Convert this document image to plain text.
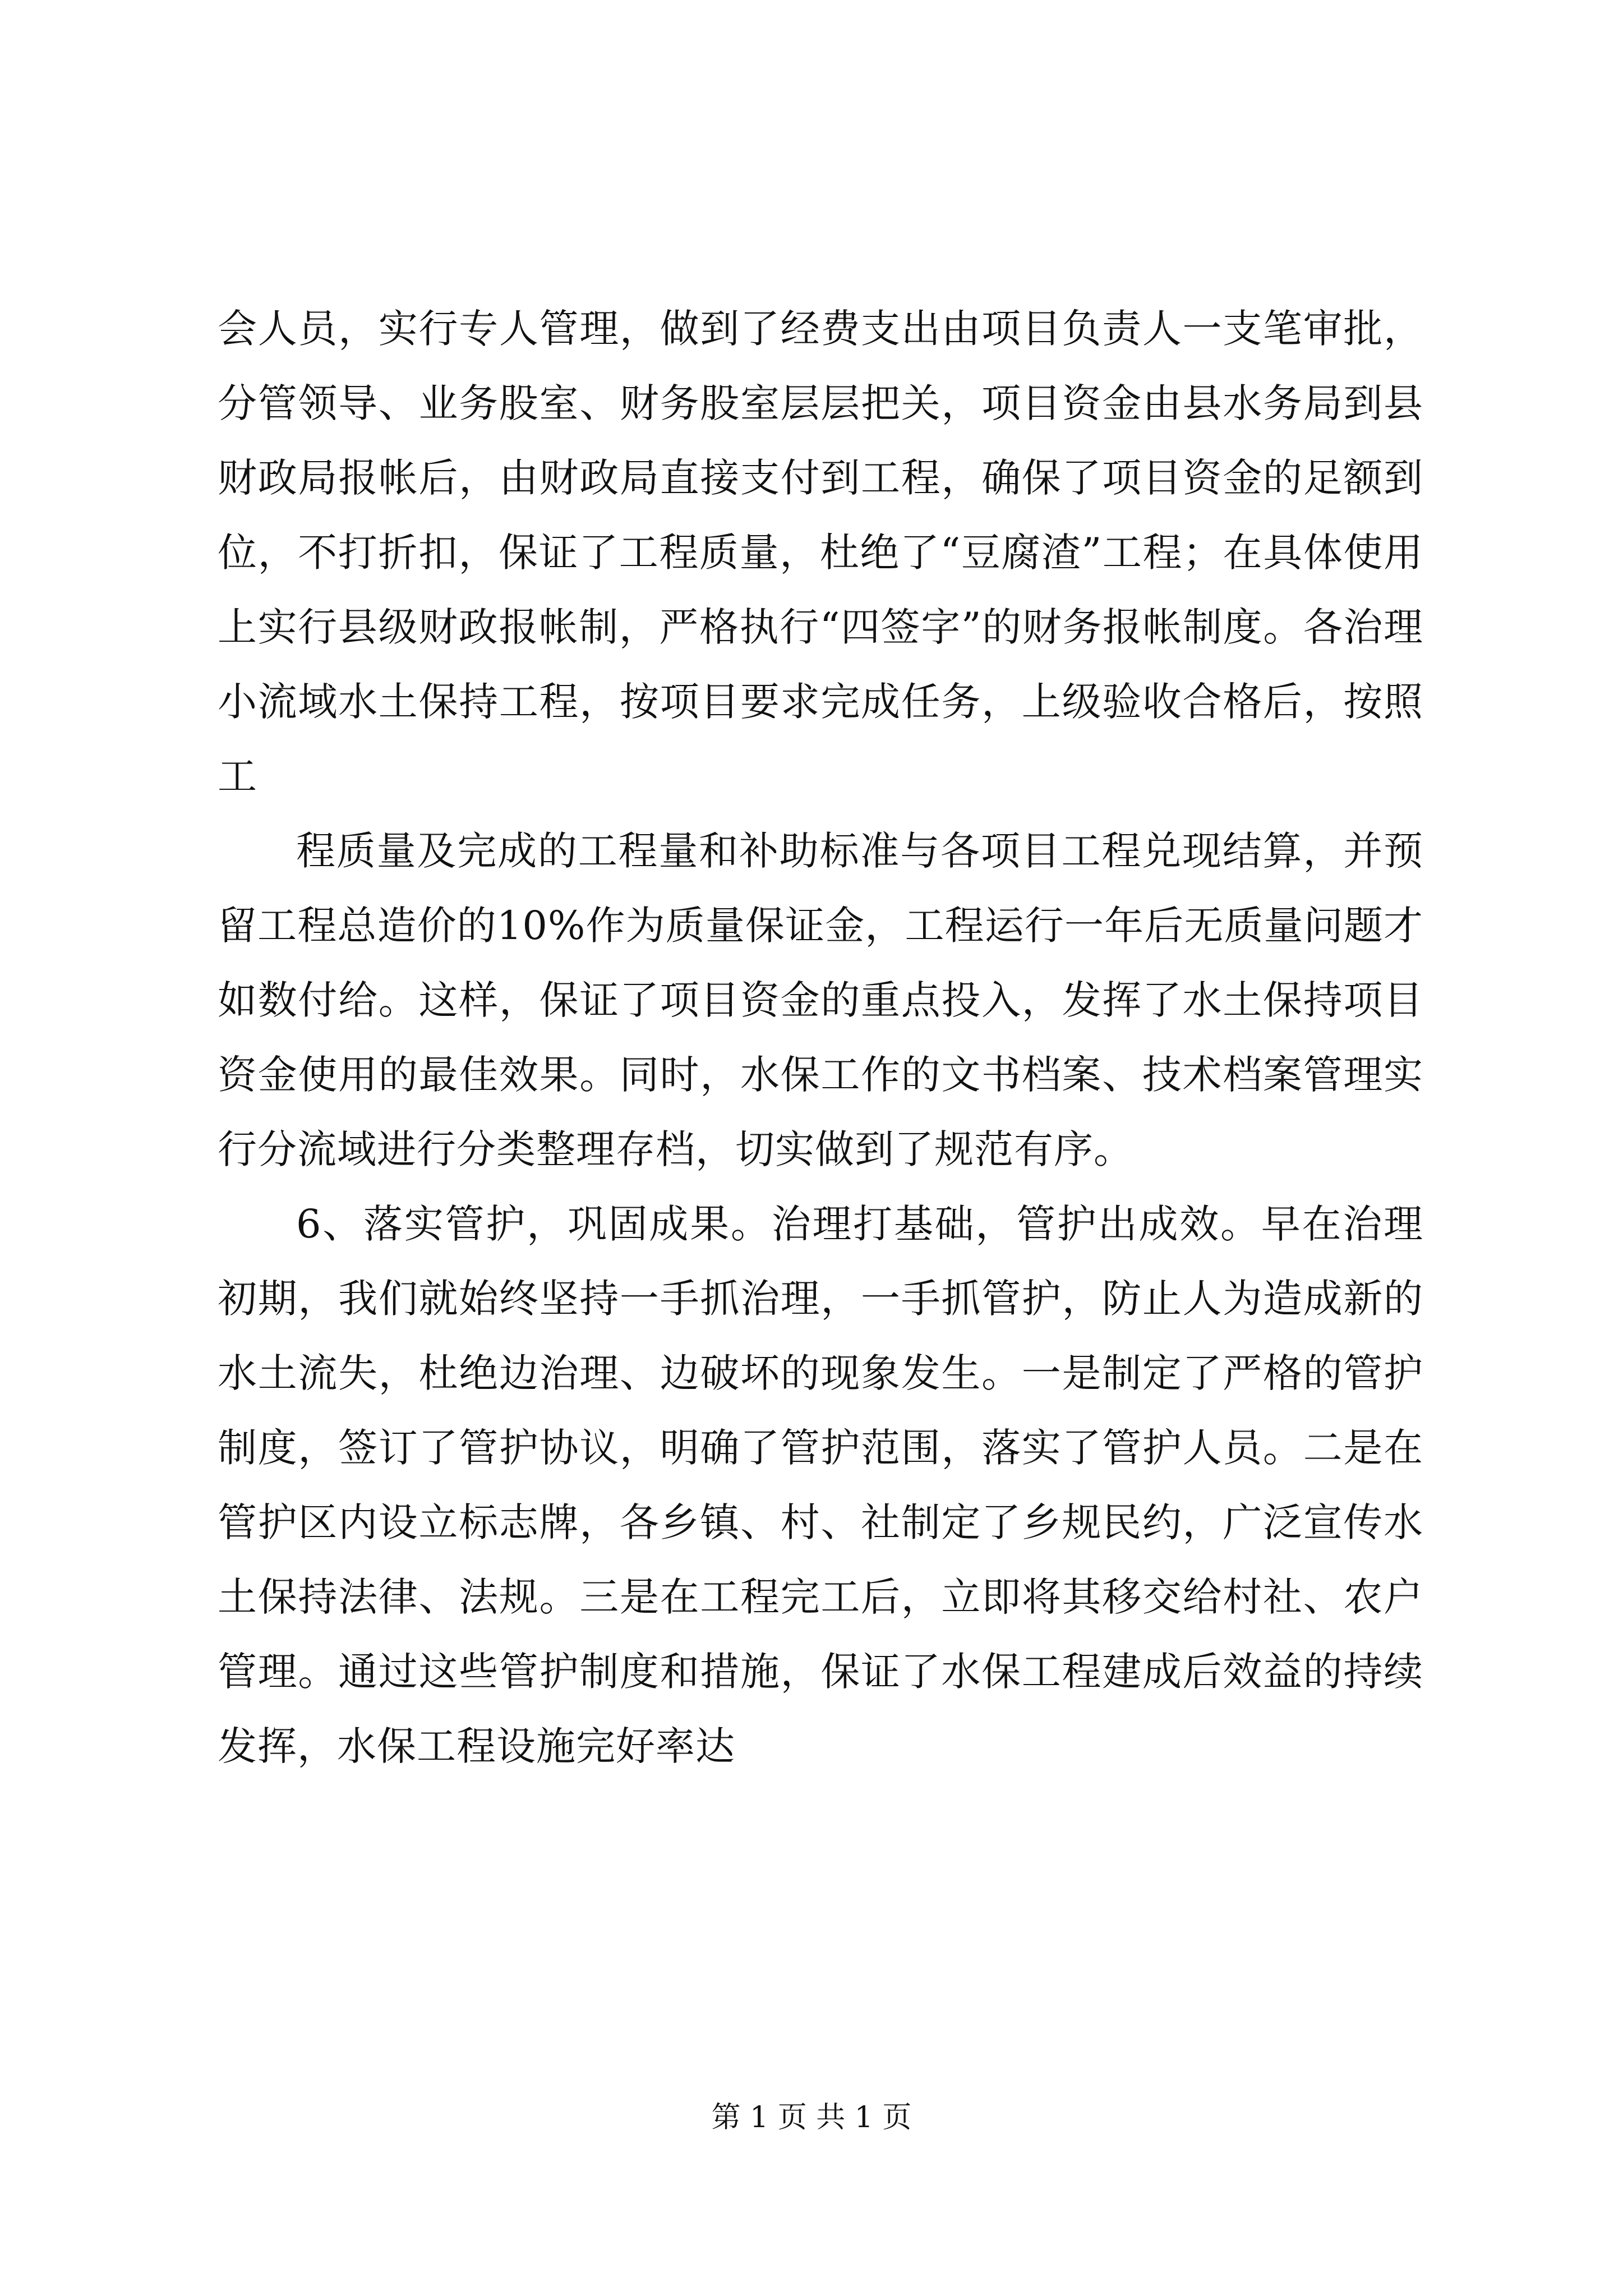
会人员，实行专人管理，做到了经费支出由项目负责人一支笔审批，分管领导、业务股室、财务股室层层把关，项目资金由县水务局到县财政局报帐后，由财政局直接支付到工程，确保了项目资金的足额到位，不打折扣，保证了工程质量，杜绝了“豆腐渣”工程；在具体使用上实行县级财政报帐制，严格执行“四签字”的财务报帐制度。各治理小流域水土保持工程，按项目要求完成任务，上级验收合格后，按照工

程质量及完成的工程量和补助标准与各项目工程兑现结算，并预留工程总造价的10%作为质量保证金，工程运行一年后无质量问题才如数付给。这样，保证了项目资金的重点投入，发挥了水土保持项目资金使用的最佳效果。同时，水保工作的文书档案、技术档案管理实行分流域进行分类整理存档，切实做到了规范有序。

6、落实管护，巩固成果。治理打基础，管护出成效。早在治理初期，我们就始终坚持一手抓治理，一手抓管护，防止人为造成新的水土流失，杜绝边治理、边破坏的现象发生。一是制定了严格的管护制度，签订了管护协议，明确了管护范围，落实了管护人员。二是在管护区内设立标志牌，各乡镇、村、社制定了乡规民约，广泛宣传水土保持法律、法规。三是在工程完工后，立即将其移交给村社、农户管理。通过这些管护制度和措施，保证了水保工程建成后效益的持续发挥，水保工程设施完好率达

第 1 页 共 1 页
